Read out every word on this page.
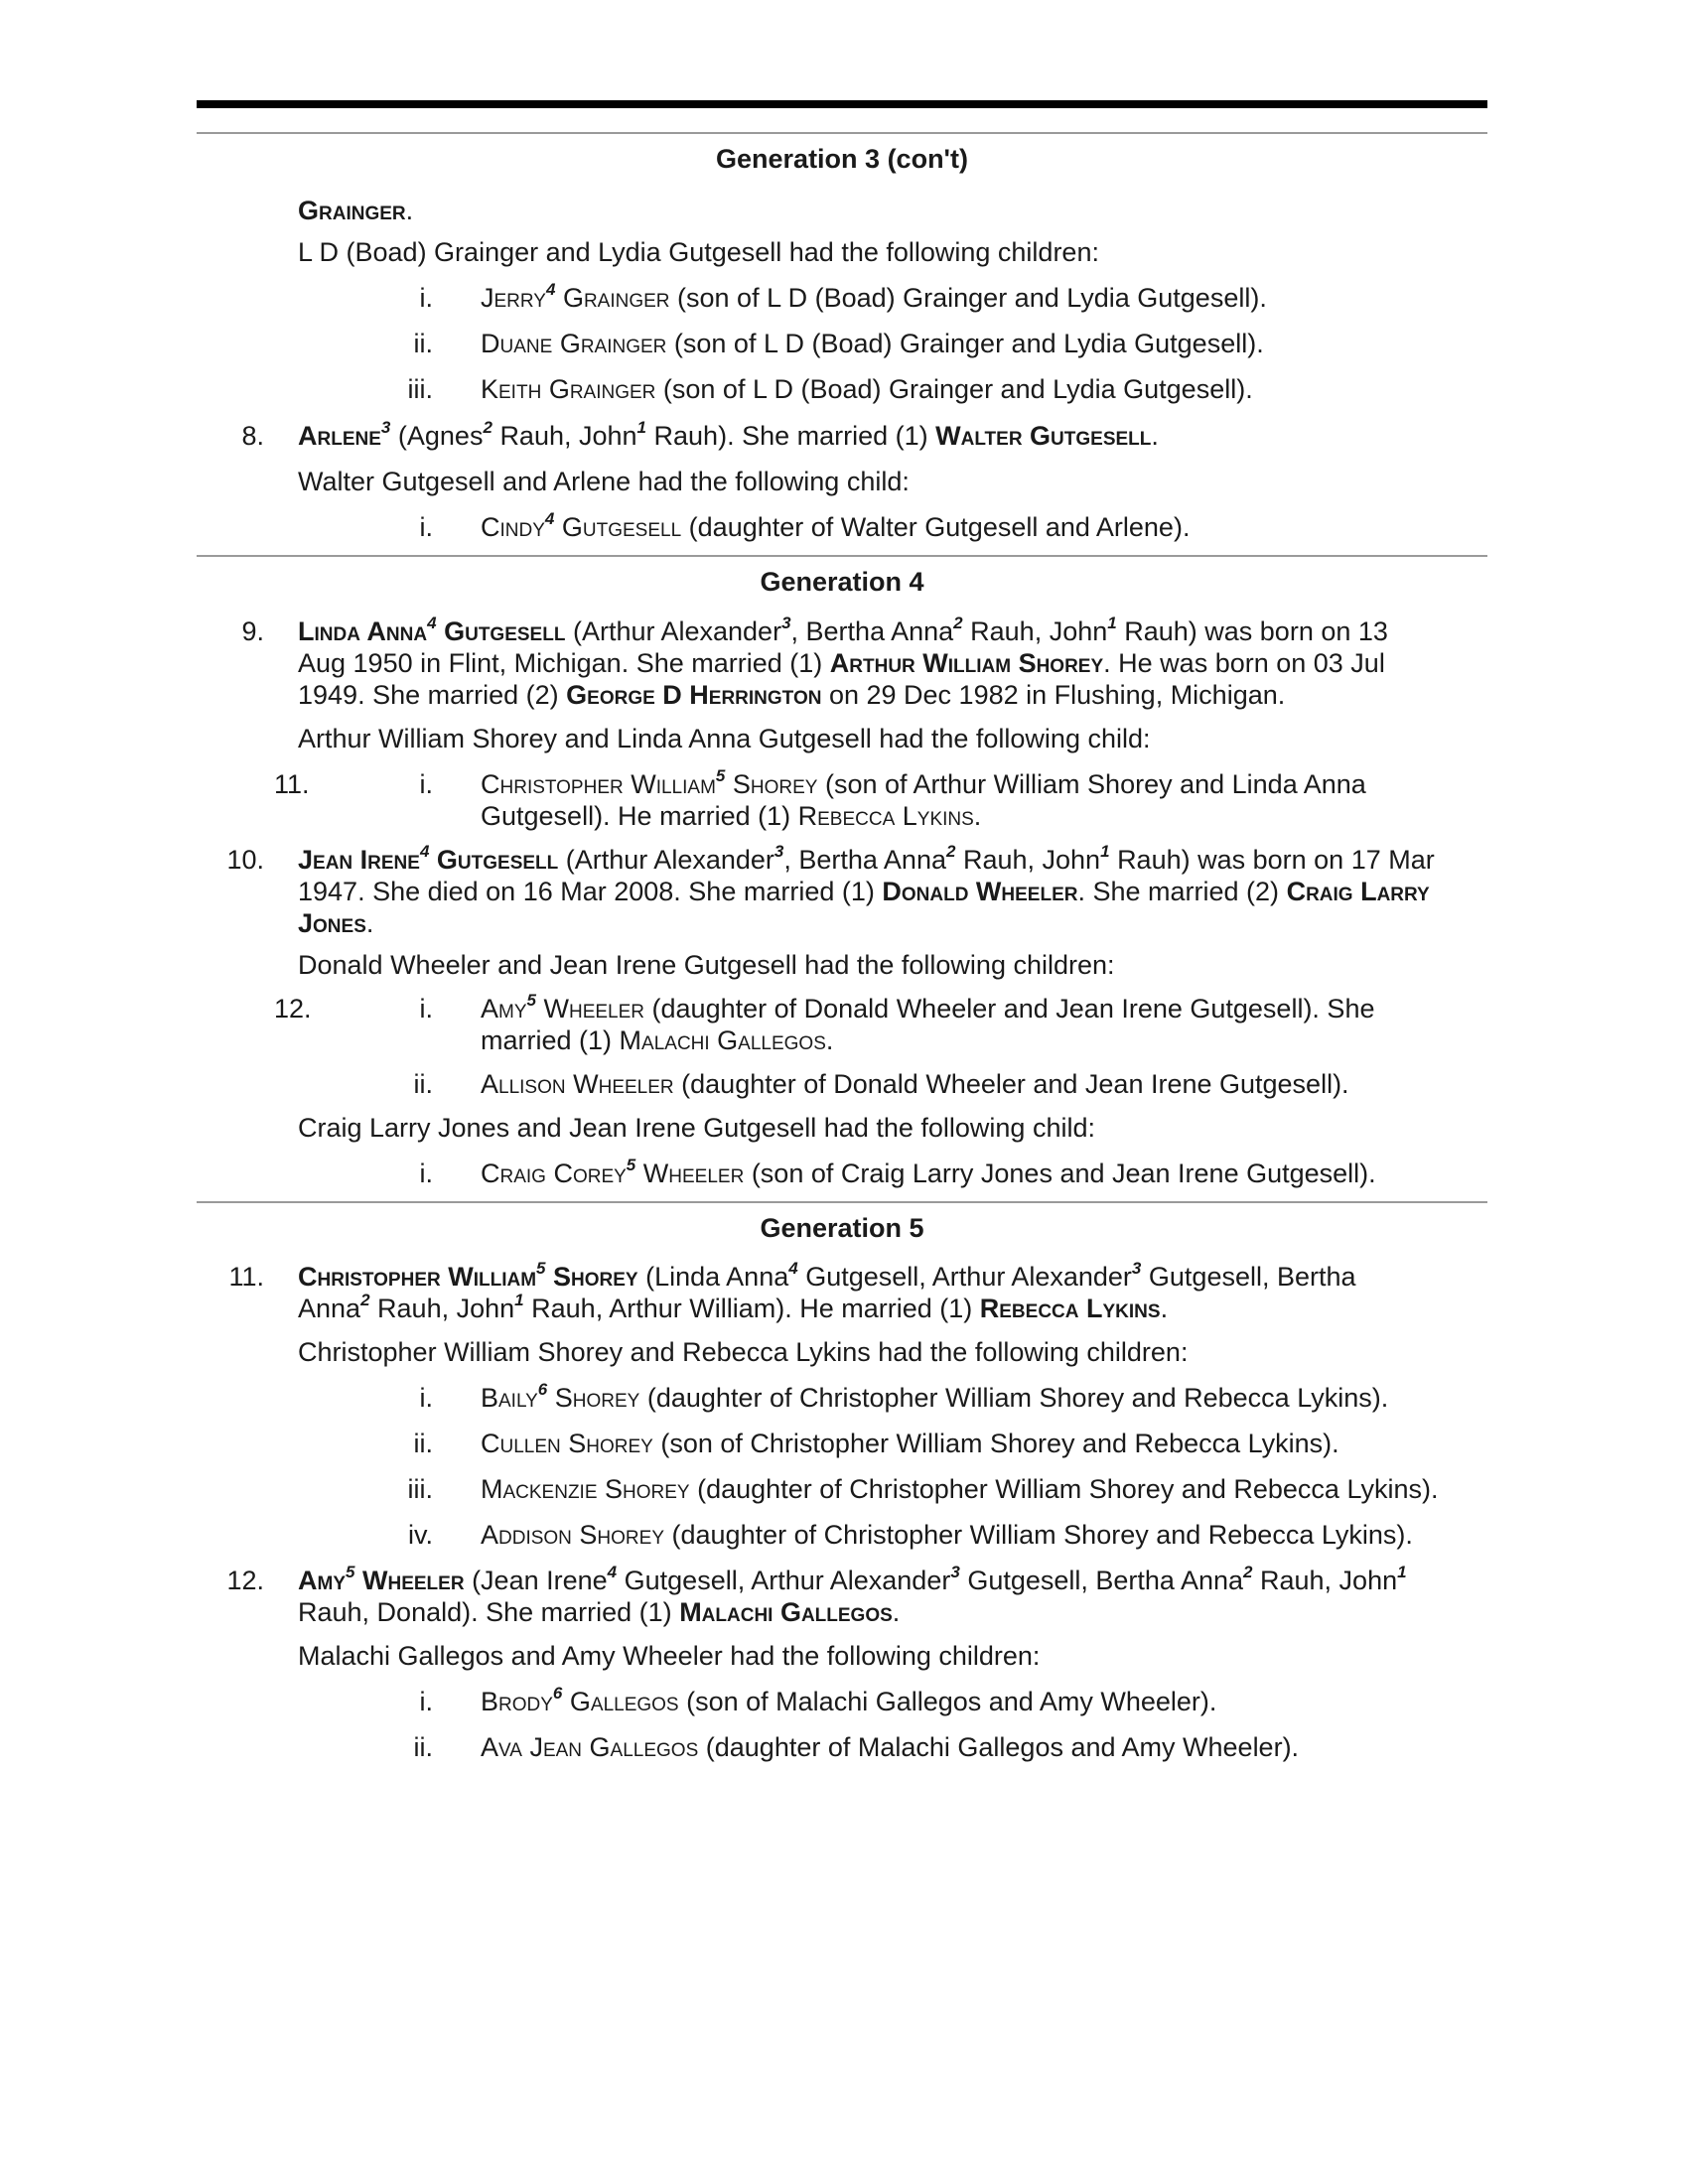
Generation 3 (con't)
Grainger.
L D (Boad) Grainger and Lydia Gutgesell had the following children:
i. Jerry$^4$ Grainger (son of L D (Boad) Grainger and Lydia Gutgesell).
ii. Duane Grainger (son of L D (Boad) Grainger and Lydia Gutgesell).
iii. Keith Grainger (son of L D (Boad) Grainger and Lydia Gutgesell).
8. Arlene$^3$ (Agnes$^2$ Rauh, John$^1$ Rauh). She married (1) Walter Gutgesell.
Walter Gutgesell and Arlene had the following child:
i. Cindy$^4$ Gutgesell (daughter of Walter Gutgesell and Arlene).
Generation 4
9. Linda Anna$^4$ Gutgesell (Arthur Alexander$^3$, Bertha Anna$^2$ Rauh, John$^1$ Rauh) was born on 13
Aug 1950 in Flint, Michigan. She married (1) Arthur William Shorey. He was born on 03 Jul
1949. She married (2) George D Herrington on 29 Dec 1982 in Flushing, Michigan.
Arthur William Shorey and Linda Anna Gutgesell had the following child:
11.	i. Christopher William$^5$ Shorey (son of Arthur William Shorey and Linda Anna
Gutgesell). He married (1) Rebecca Lykins.
10. Jean Irene$^4$ Gutgesell (Arthur Alexander$^3$, Bertha Anna$^2$ Rauh, John$^1$ Rauh) was born on 17 Mar
1947. She died on 16 Mar 2008. She married (1) Donald Wheeler. She married (2) Craig Larry
Jones.
Donald Wheeler and Jean Irene Gutgesell had the following children:
12.	i. Amy$^5$ Wheeler (daughter of Donald Wheeler and Jean Irene Gutgesell). She
married (1) Malachi Gallegos.
ii. Allison Wheeler (daughter of Donald Wheeler and Jean Irene Gutgesell).
Craig Larry Jones and Jean Irene Gutgesell had the following child:
i. Craig Corey$^5$ Wheeler (son of Craig Larry Jones and Jean Irene Gutgesell).
Generation 5
11. Christopher William$^5$ Shorey (Linda Anna$^4$ Gutgesell, Arthur Alexander$^3$ Gutgesell, Bertha
Anna$^2$ Rauh, John$^1$ Rauh, Arthur William). He married (1) Rebecca Lykins.
Christopher William Shorey and Rebecca Lykins had the following children:
i. Baily$^6$ Shorey (daughter of Christopher William Shorey and Rebecca Lykins).
ii. Cullen Shorey (son of Christopher William Shorey and Rebecca Lykins).
iii. Mackenzie Shorey (daughter of Christopher William Shorey and Rebecca Lykins).
iv. Addison Shorey (daughter of Christopher William Shorey and Rebecca Lykins).
12. Amy$^5$ Wheeler (Jean Irene$^4$ Gutgesell, Arthur Alexander$^3$ Gutgesell, Bertha Anna$^2$ Rauh, John$^1$
Rauh, Donald). She married (1) Malachi Gallegos.
Malachi Gallegos and Amy Wheeler had the following children:
i. Brody$^6$ Gallegos (son of Malachi Gallegos and Amy Wheeler).
ii. Ava Jean Gallegos (daughter of Malachi Gallegos and Amy Wheeler).
